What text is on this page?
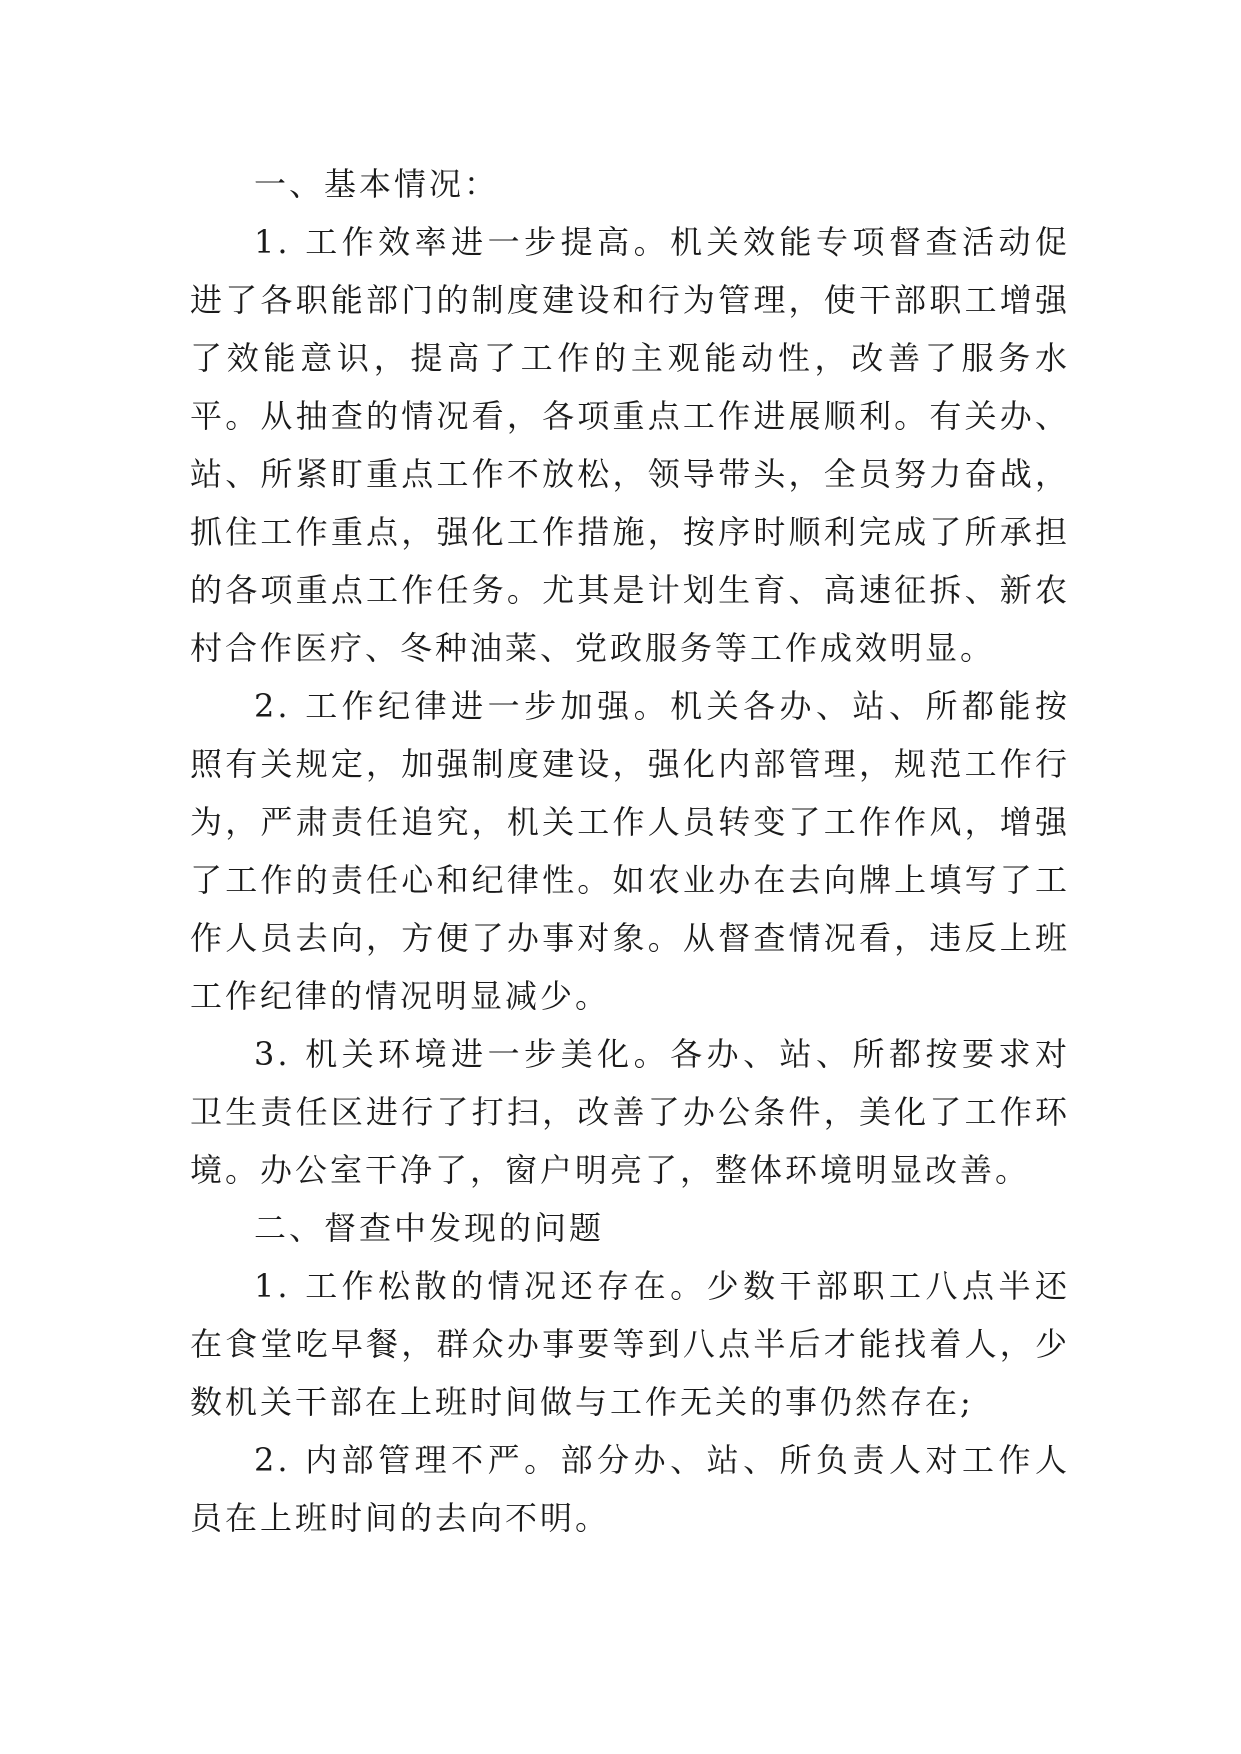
一、基本情况：

1. 工作效率进一步提高。机关效能专项督查活动促进了各职能部门的制度建设和行为管理，使干部职工增强了效能意识，提高了工作的主观能动性，改善了服务水平。从抽查的情况看，各项重点工作进展顺利。有关办、站、所紧盯重点工作不放松，领导带头，全员努力奋战，抓住工作重点，强化工作措施，按序时顺利完成了所承担的各项重点工作任务。尤其是计划生育、高速征拆、新农村合作医疗、冬种油菜、党政服务等工作成效明显。

2. 工作纪律进一步加强。机关各办、站、所都能按照有关规定，加强制度建设，强化内部管理，规范工作行为，严肃责任追究，机关工作人员转变了工作作风，增强了工作的责任心和纪律性。如农业办在去向牌上填写了工作人员去向，方便了办事对象。从督查情况看，违反上班工作纪律的情况明显减少。

3. 机关环境进一步美化。各办、站、所都按要求对卫生责任区进行了打扫，改善了办公条件，美化了工作环境。办公室干净了，窗户明亮了，整体环境明显改善。

二、督查中发现的问题

1. 工作松散的情况还存在。少数干部职工八点半还在食堂吃早餐，群众办事要等到八点半后才能找着人，少数机关干部在上班时间做与工作无关的事仍然存在;

2. 内部管理不严。部分办、站、所负责人对工作人员在上班时间的去向不明。
